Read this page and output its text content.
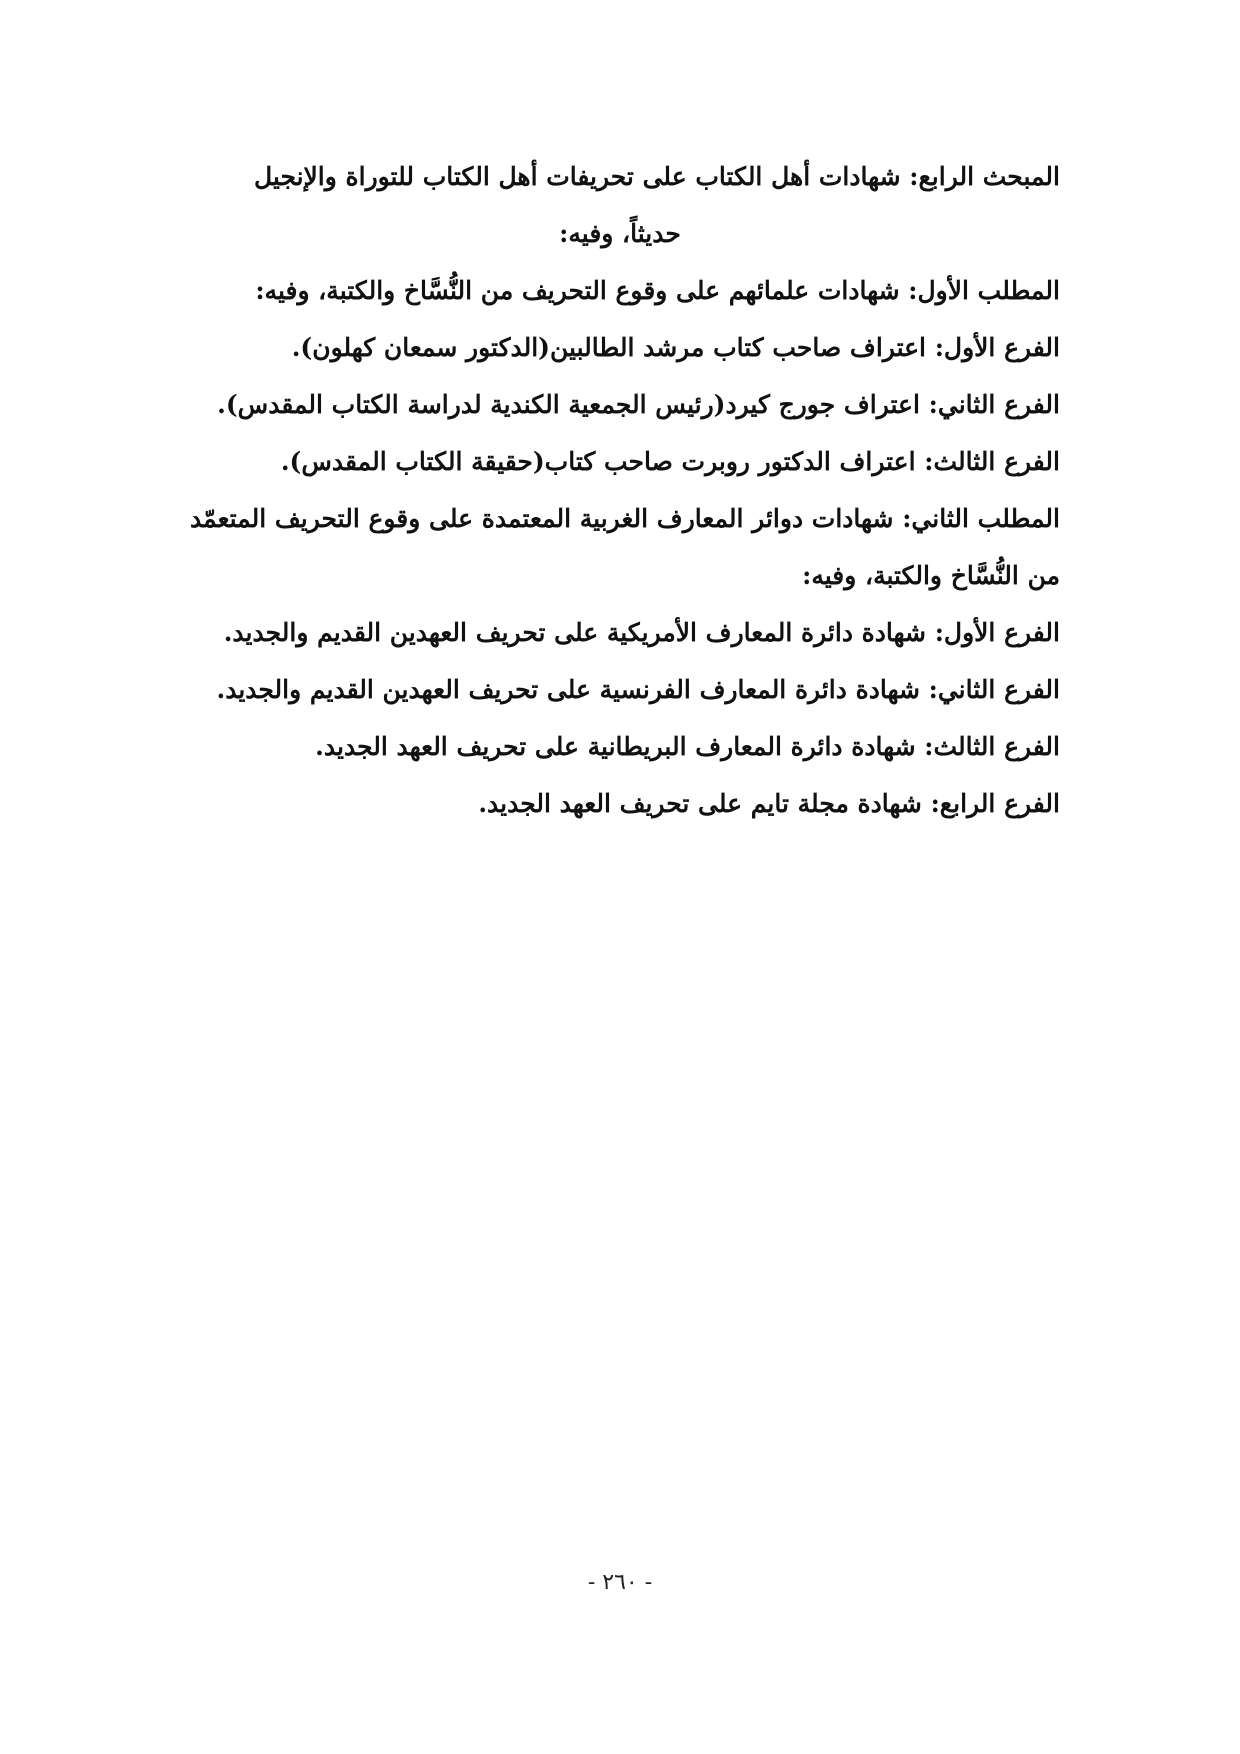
المبحث الرابع: شهادات أهل الكتاب على تحريفات أهل الكتاب للتوراة والإنجيل
حديثاً، وفيه:
المطلب الأول: شهادات علمائهم على وقوع التحريف من النُّسَّاخ والكتبة، وفيه:
الفرع الأول: اعتراف صاحب كتاب مرشد الطالبين(الدكتور سمعان كهلون).
الفرع الثاني: اعتراف جورج كيرد(رئيس الجمعية الكندية لدراسة الكتاب المقدس).
الفرع الثالث: اعتراف الدكتور روبرت صاحب كتاب(حقيقة الكتاب المقدس).
المطلب الثاني: شهادات دوائر المعارف الغربية المعتمدة على وقوع التحريف المتعمّد
من النُّسَّاخ والكتبة، وفيه:
الفرع الأول: شهادة دائرة المعارف الأمريكية على تحريف العهدين القديم والجديد.
الفرع الثاني: شهادة دائرة المعارف الفرنسية على تحريف العهدين القديم والجديد.
الفرع الثالث: شهادة دائرة المعارف البريطانية على تحريف العهد الجديد.
الفرع الرابع: شهادة مجلة تايم على تحريف العهد الجديد.
- ٢٦٠ -
